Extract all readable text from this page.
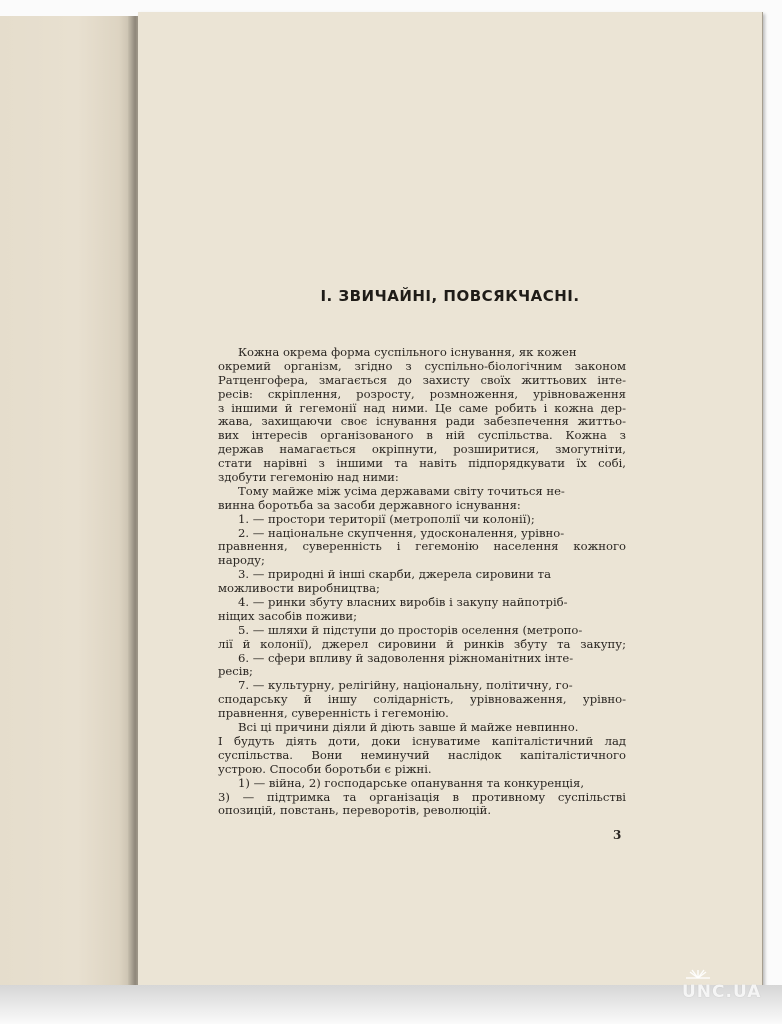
І. ЗВИЧАЙНІ, ПОВСЯКЧАСНІ.
Кожна окрема форма суспільного існування, як кожен
окремий організм, згідно з суспільно-біологічним законом
Ратценгофера, змагається до захисту своїх життьових інте-
ресів: скріплення, розросту, розмноження, урівноваження
з іншими й гегемонії над ними. Це саме робить і кожна дер-
жава, захищаючи своє існування ради забезпечення життьо-
вих інтересів організованого в ній суспільства. Кожна з
держав намагається окріпнути, розширитися, змогутніти,
стати нарівні з іншими та навіть підпорядкувати їх собі,
здобути гегемонію над ними:
Тому майже між усіма державами світу точиться не-
винна боротьба за засоби державного існування:
1. — простори території (метрополії чи колонії);
2. — національне скупчення, удосконалення, урівно-
правнення, суверенність і гегемонію населення кожного
народу;
3. — природні й інші скарби, джерела сировини та
можливости виробництва;
4. — ринки збуту власних виробів і закупу найпотріб-
ніщих засобів поживи;
5. — шляхи й підступи до просторів оселення (метропо-
лії й колонії), джерел сировини й ринків збуту та закупу;
6. — сфери впливу й задоволення ріжноманітних інте-
ресів;
7. — культурну, релігійну, національну, політичну, го-
сподарську й іншу солідарність, урівноваження, урівно-
правнення, суверенність і гегемонію.
Всі ці причини діяли й діють завше й майже невпинно.
І будуть діять доти, доки існуватиме капіталістичний лад
суспільства. Вони неминучий наслідок капіталістичного
устрою. Способи боротьби є ріжні.
1) — війна, 2) господарське опанування та конкуренція,
3) — підтримка та організація в противному суспільстві
опозицій, повстань, переворотів, революцій.
3
UNC.UA
